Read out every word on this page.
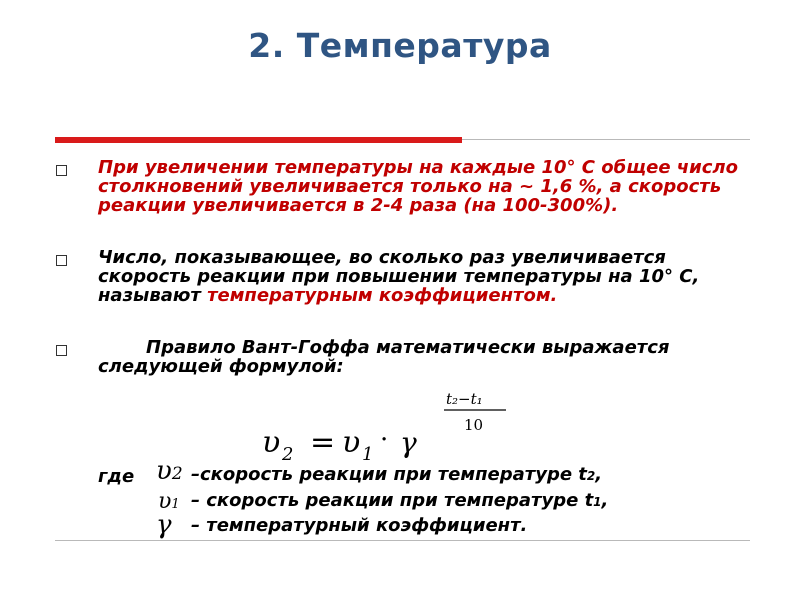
2. Температура
При увеличении температуры на каждые 10° С общее число столкновений увеличивается только на ~ 1,6 %, а скорость реакции увеличивается в 2-4 раза (на 100-300%).
Число, показывающее, во сколько раз увеличивается скорость реакции при повышении температуры на 10° С, называют температурным коэффициентом.
Правило Вант-Гоффа математически выражается следующей формулой:
υ 2 = υ 1 · γ
t₂−t₁
10
где υ2 –скорость реакции при температуре t2,
υ1 – скорость реакции при температуре t1,
γ – температурный коэффициент.
